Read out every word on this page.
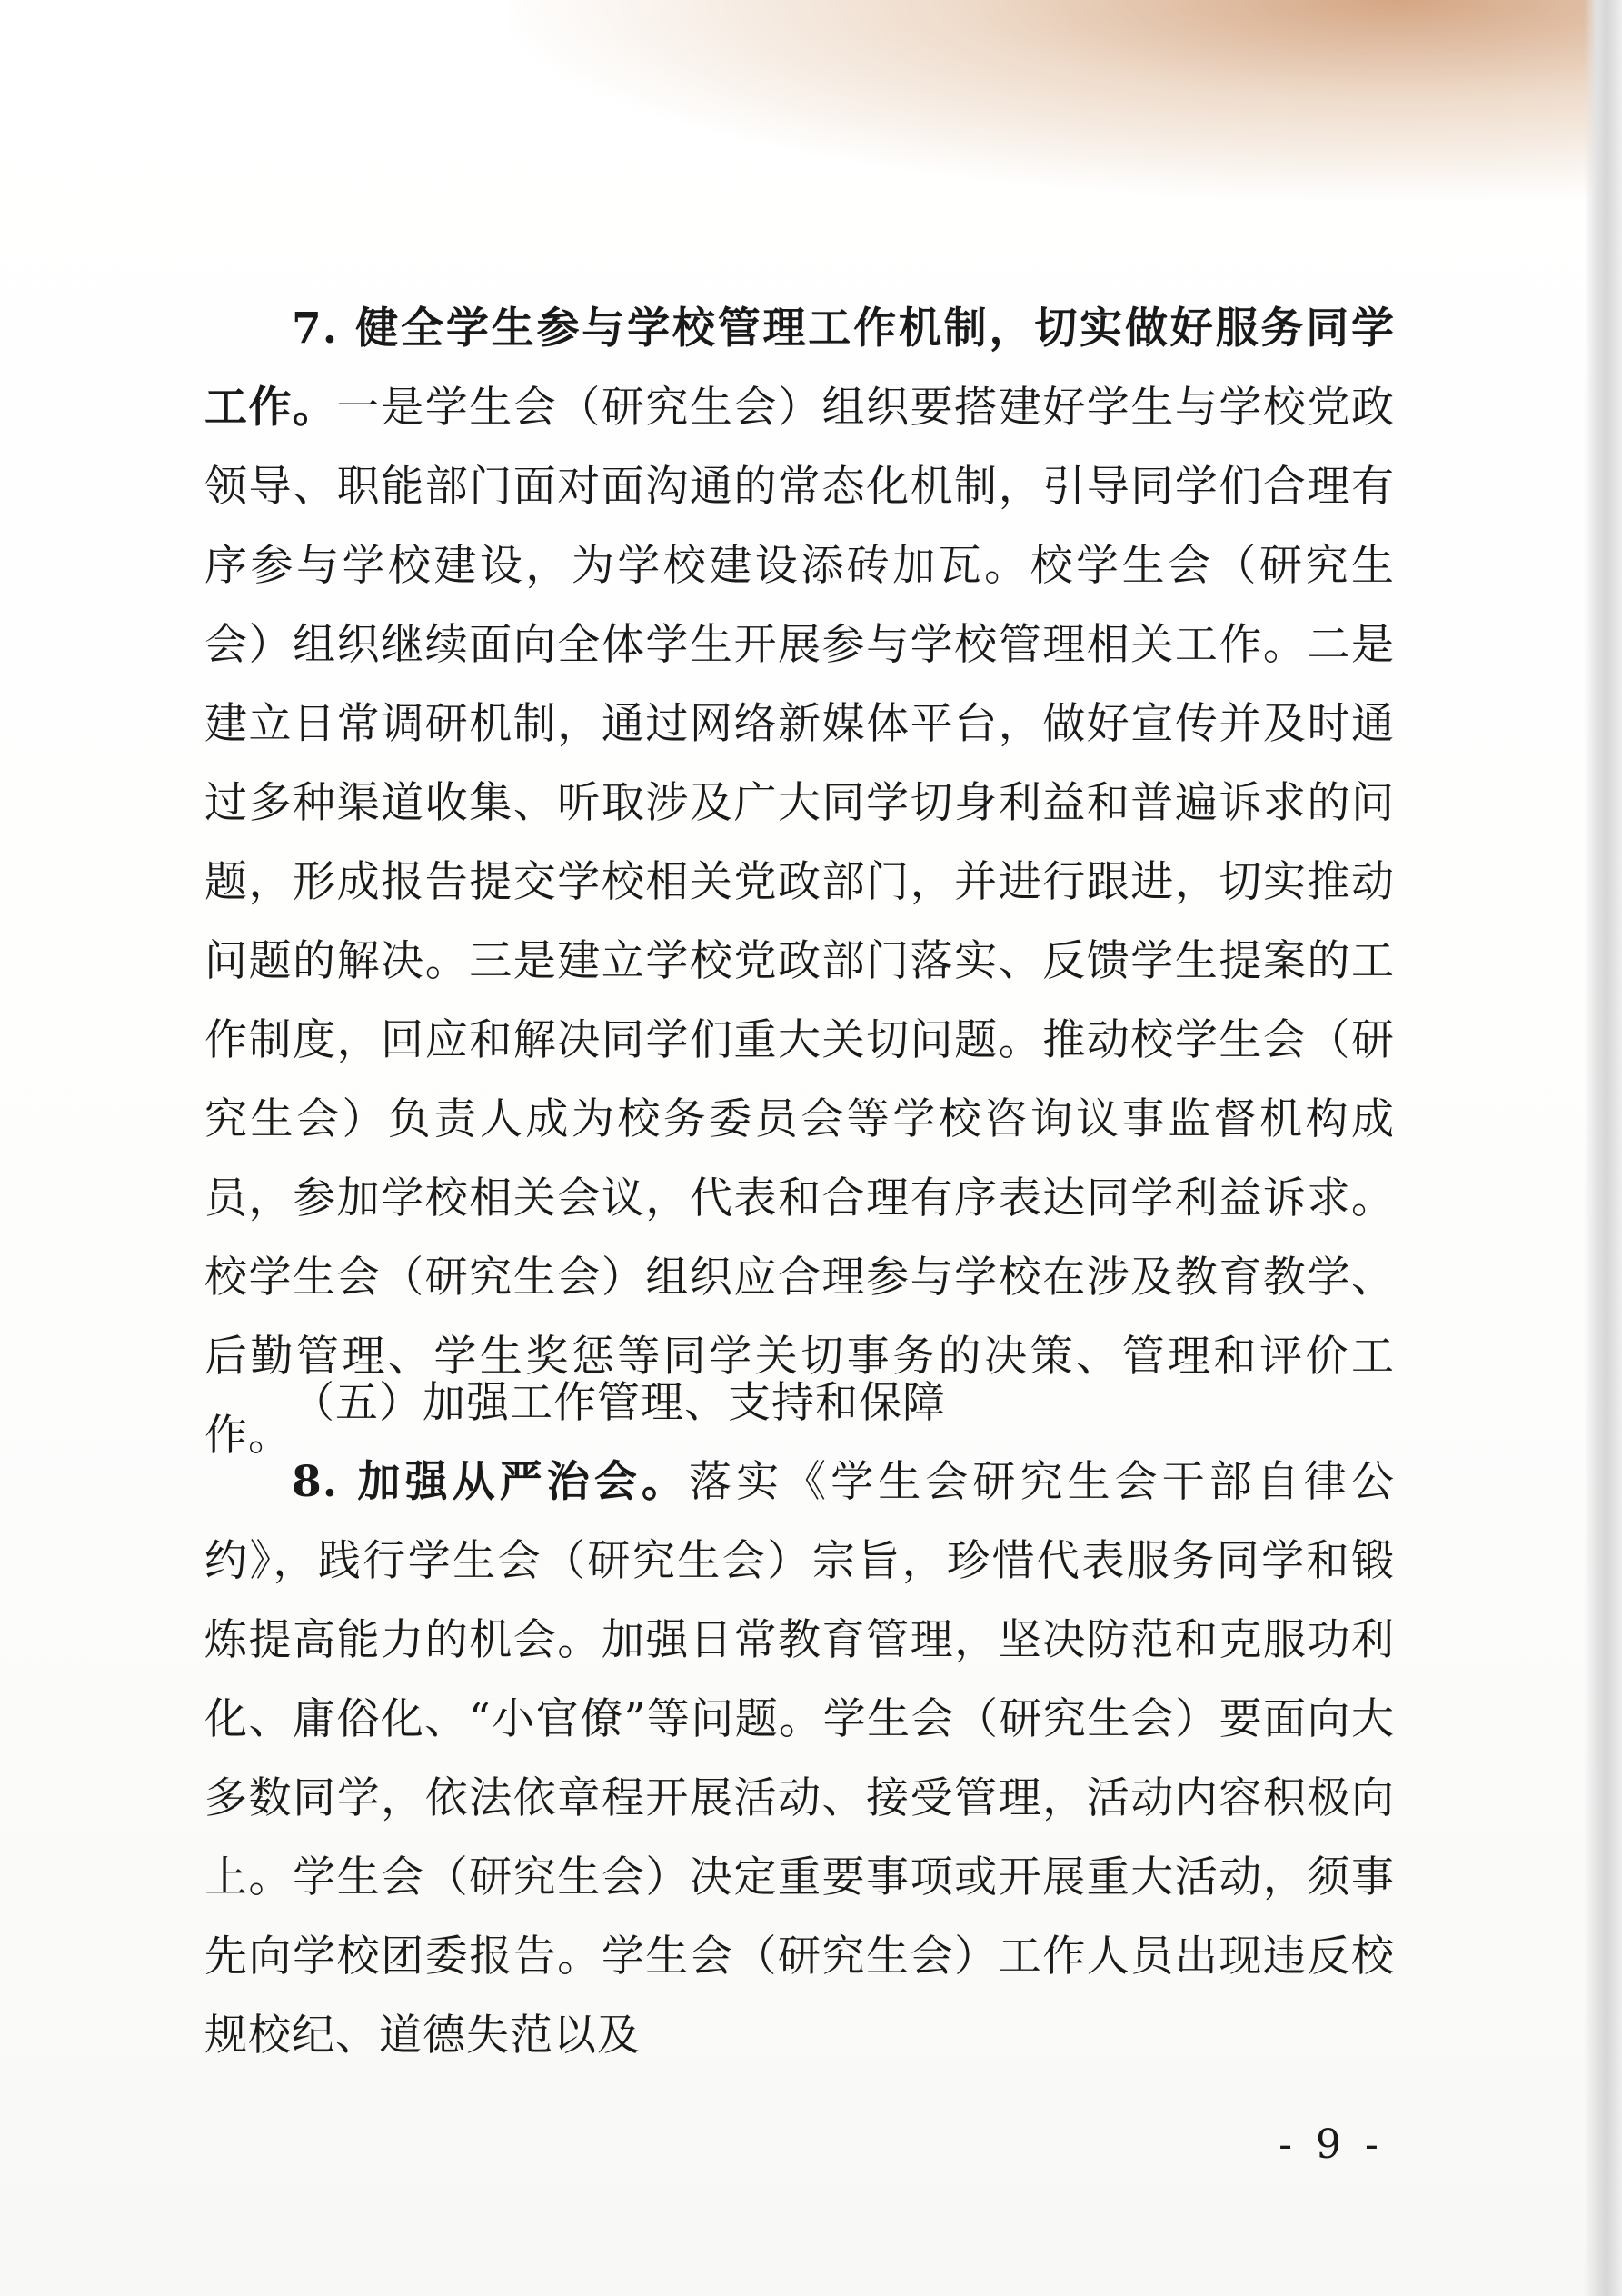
7. 健全学生参与学校管理工作机制，切实做好服务同学工作。一是学生会（研究生会）组织要搭建好学生与学校党政领导、职能部门面对面沟通的常态化机制，引导同学们合理有序参与学校建设，为学校建设添砖加瓦。校学生会（研究生会）组织继续面向全体学生开展参与学校管理相关工作。二是建立日常调研机制，通过网络新媒体平台，做好宣传并及时通过多种渠道收集、听取涉及广大同学切身利益和普遍诉求的问题，形成报告提交学校相关党政部门，并进行跟进，切实推动问题的解决。三是建立学校党政部门落实、反馈学生提案的工作制度，回应和解决同学们重大关切问题。推动校学生会（研究生会）负责人成为校务委员会等学校咨询议事监督机构成员，参加学校相关会议，代表和合理有序表达同学利益诉求。校学生会（研究生会）组织应合理参与学校在涉及教育教学、后勤管理、学生奖惩等同学关切事务的决策、管理和评价工作。

（五）加强工作管理、支持和保障

8. 加强从严治会。落实《学生会研究生会干部自律公约》，践行学生会（研究生会）宗旨，珍惜代表服务同学和锻炼提高能力的机会。加强日常教育管理，坚决防范和克服功利化、庸俗化、“小官僚”等问题。学生会（研究生会）要面向大多数同学，依法依章程开展活动、接受管理，活动内容积极向上。学生会（研究生会）决定重要事项或开展重大活动，须事先向学校团委报告。学生会（研究生会）工作人员出现违反校规校纪、道德失范以及

- 9 -
